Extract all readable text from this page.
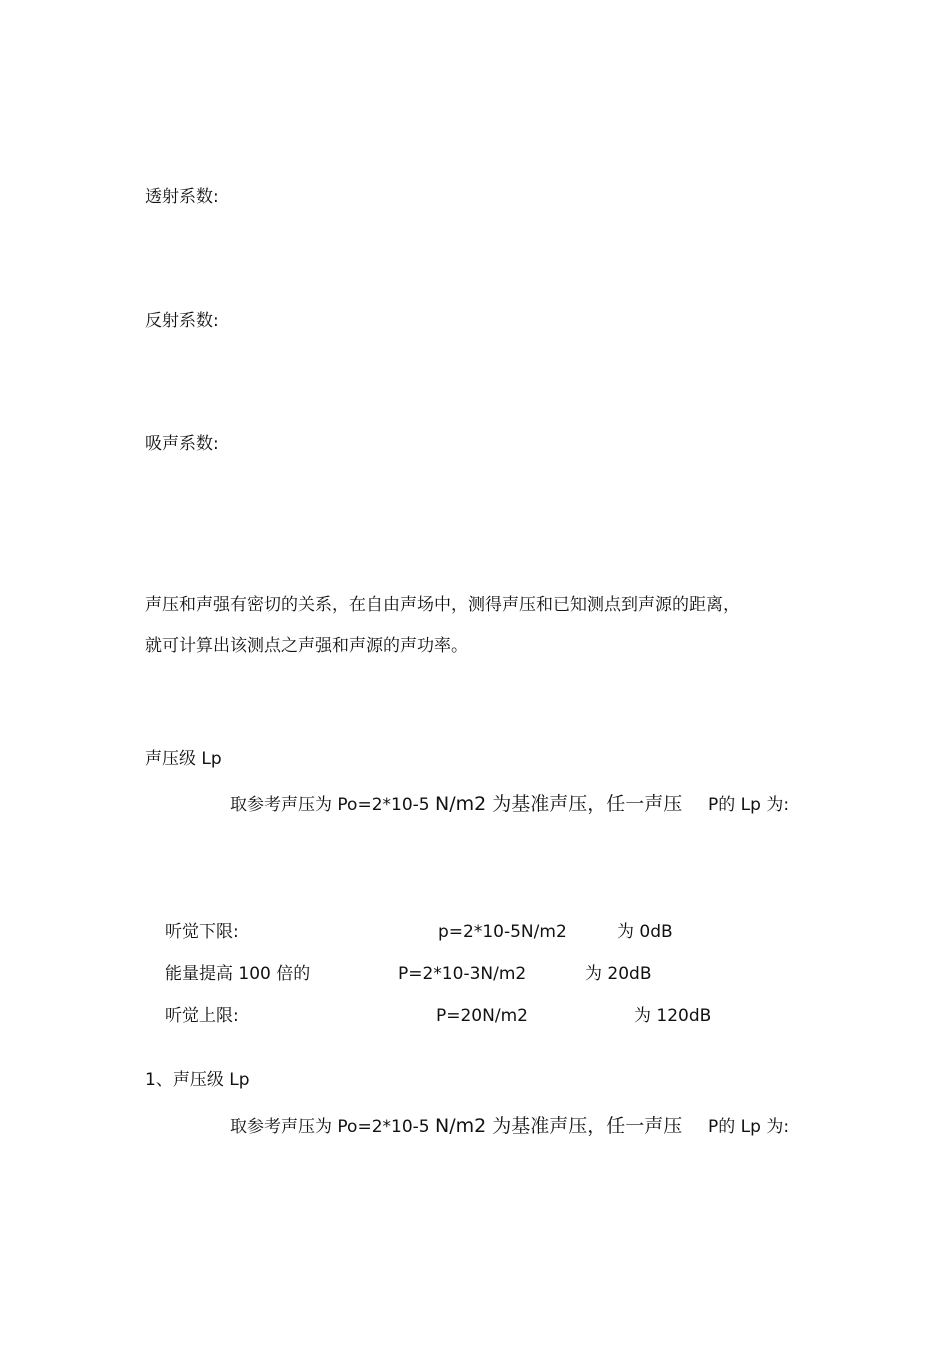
透射系数:
反射系数:
吸声系数:
声压和声强有密切的关系，在自由声场中，测得声压和已知测点到声源的距离，
就可计算出该测点之声强和声源的声功率。
声压级 Lp
取参考声压为 Po=2*10-5 N/m2 为基准声压，任一声压 P的 Lp 为:
听觉下限:	p=2*10-5N/m2	为 0dB
能量提高 100 倍的	P=2*10-3N/m2	为 20dB
听觉上限:	P=20N/m2	为 120dB
1、声压级 Lp
取参考声压为 Po=2*10-5 N/m2 为基准声压，任一声压 P的 Lp 为:
